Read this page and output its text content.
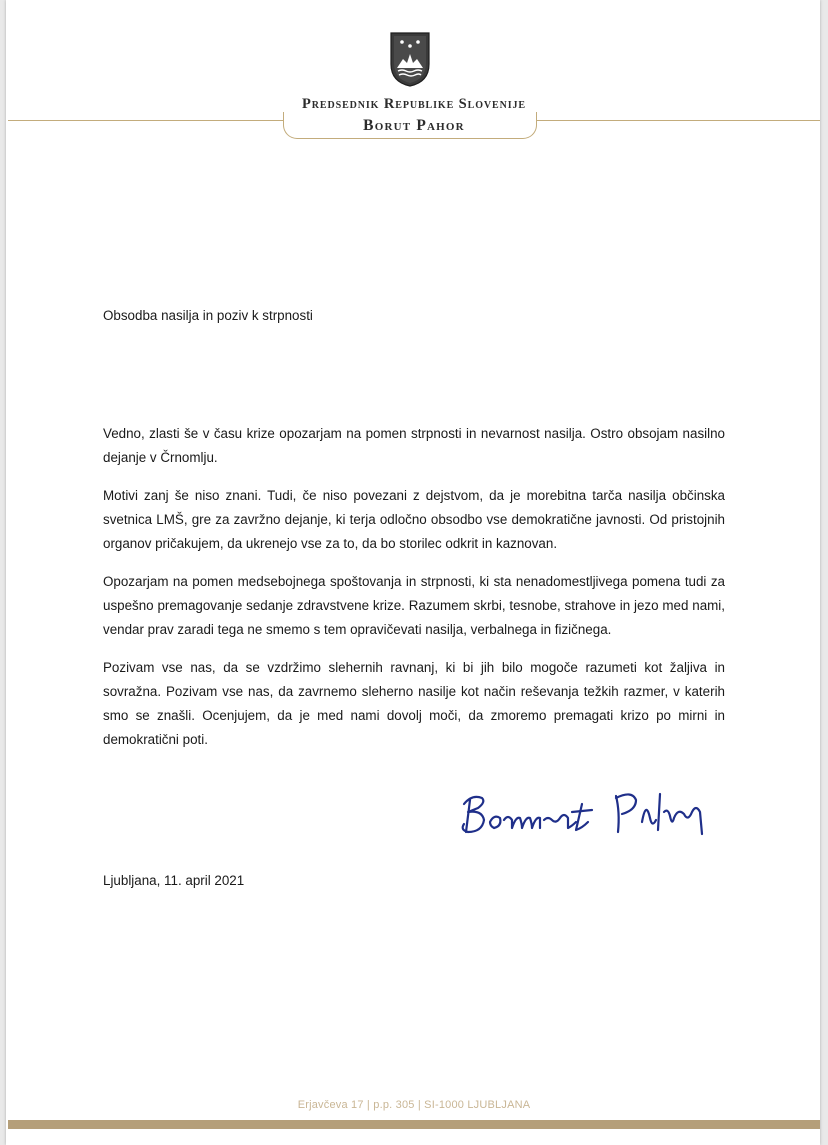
Predsednik Republike Slovenije
Borut Pahor
Obsodba nasilja in poziv k strpnosti

Vedno, zlasti še v času krize opozarjam na pomen strpnosti in nevarnost nasilja. Ostro obsojam nasilno dejanje v Črnomlju.

Motivi zanj še niso znani. Tudi, če niso povezani z dejstvom, da je morebitna tarča nasilja občinska svetnica LMŠ, gre za zavržno dejanje, ki terja odločno obsodbo vse demokratične javnosti. Od pristojnih organov pričakujem, da ukrenejo vse za to, da bo storilec odkrit in kaznovan.

Opozarjam na pomen medsebojnega spoštovanja in strpnosti, ki sta nenadomestljivega pomena tudi za uspešno premagovanje sedanje zdravstvene krize. Razumem skrbi, tesnobe, strahove in jezo med nami, vendar prav zaradi tega ne smemo s tem opravičevati nasilja, verbalnega in fizičnega.

Pozivam vse nas, da se vzdržimo slehernih ravnanj, ki bi jih bilo mogoče razumeti kot žaljiva in sovražna. Pozivam vse nas, da zavrnemo sleherno nasilje kot način reševanja težkih razmer, v katerih smo se znašli. Ocenjujem, da je med nami dovolj moči, da zmoremo premagati krizo po mirni in demokratični poti.

Ljubljana, 11. april 2021
Erjavčeva 17 | p.p. 305 | SI-1000 LJUBLJANA
